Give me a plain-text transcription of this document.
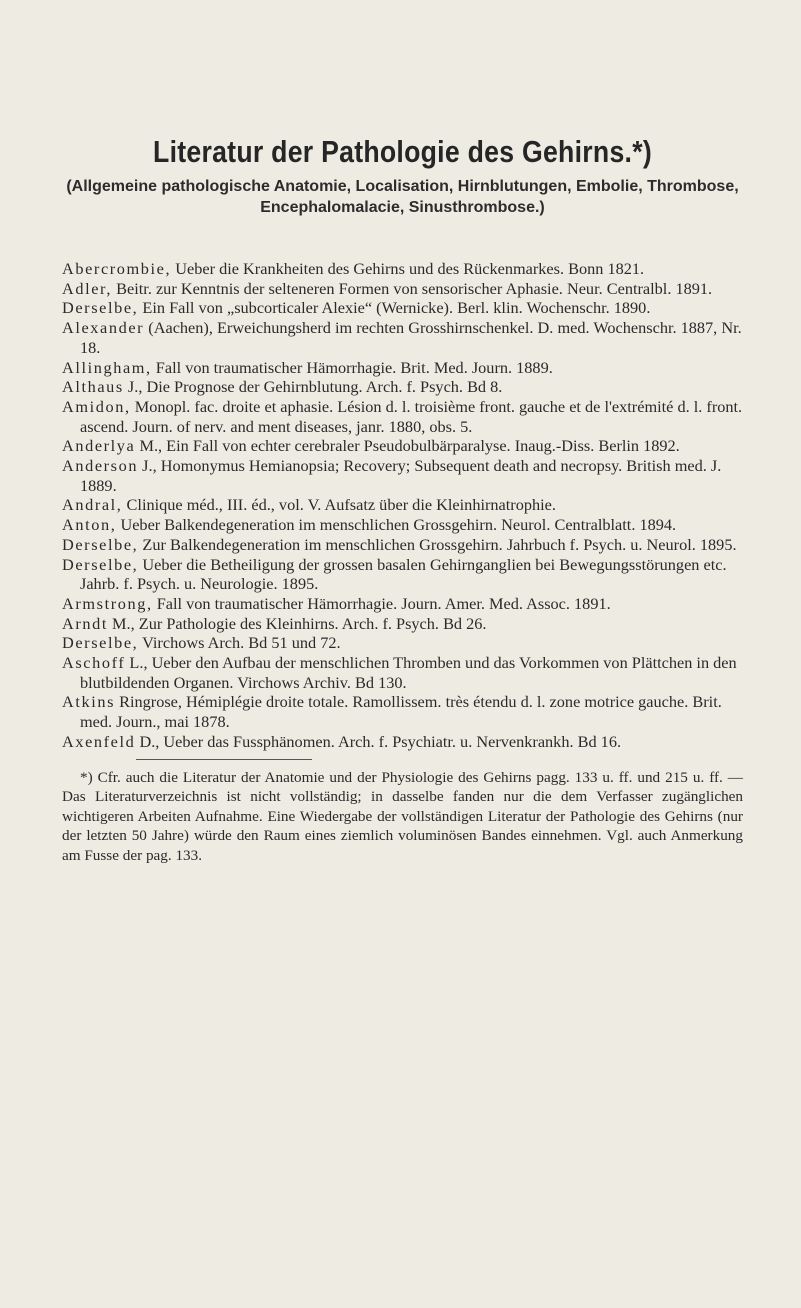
Literatur der Pathologie des Gehirns.*)

(Allgemeine pathologische Anatomie, Localisation, Hirnblutungen, Embolie, Thrombose, Encephalomalacie, Sinusthrombose.)

Abercrombie, Ueber die Krankheiten des Gehirns und des Rückenmarkes. Bonn 1821.

Adler, Beitr. zur Kenntnis der selteneren Formen von sensorischer Aphasie. Neur. Centralbl. 1891.

Derselbe, Ein Fall von „subcorticaler Alexie“ (Wernicke). Berl. klin. Wochenschr. 1890.

Alexander (Aachen), Erweichungsherd im rechten Grosshirnschenkel. D. med. Wochenschr. 1887, Nr. 18.

Allingham, Fall von traumatischer Hämorrhagie. Brit. Med. Journ. 1889.

Althaus J., Die Prognose der Gehirnblutung. Arch. f. Psych. Bd 8.

Amidon, Monopl. fac. droite et aphasie. Lésion d. l. troisième front. gauche et de l'extrémité d. l. front. ascend. Journ. of nerv. and ment diseases, janr. 1880, obs. 5.

Anderlya M., Ein Fall von echter cerebraler Pseudobulbärparalyse. Inaug.-Diss. Berlin 1892.

Anderson J., Homonymus Hemianopsia; Recovery; Subsequent death and necropsy. British med. J. 1889.

Andral, Clinique méd., III. éd., vol. V. Aufsatz über die Kleinhirnatrophie.

Anton, Ueber Balkendegeneration im menschlichen Grossgehirn. Neurol. Centralblatt. 1894.

Derselbe, Zur Balkendegeneration im menschlichen Grossgehirn. Jahrbuch f. Psych. u. Neurol. 1895.

Derselbe, Ueber die Betheiligung der grossen basalen Gehirnganglien bei Bewegungsstörungen etc. Jahrb. f. Psych. u. Neurologie. 1895.

Armstrong, Fall von traumatischer Hämorrhagie. Journ. Amer. Med. Assoc. 1891.

Arndt M., Zur Pathologie des Kleinhirns. Arch. f. Psych. Bd 26.

Derselbe, Virchows Arch. Bd 51 und 72.

Aschoff L., Ueber den Aufbau der menschlichen Thromben und das Vorkommen von Plättchen in den blutbildenden Organen. Virchows Archiv. Bd 130.

Atkins Ringrose, Hémiplégie droite totale. Ramollissem. très étendu d. l. zone motrice gauche. Brit. med. Journ., mai 1878.

Axenfeld D., Ueber das Fussphänomen. Arch. f. Psychiatr. u. Nervenkrankh. Bd 16.

*) Cfr. auch die Literatur der Anatomie und der Physiologie des Gehirns pagg. 133 u. ff. und 215 u. ff. — Das Literaturverzeichnis ist nicht vollständig; in dasselbe fanden nur die dem Verfasser zugänglichen wichtigeren Arbeiten Aufnahme. Eine Wiedergabe der vollständigen Literatur der Pathologie des Gehirns (nur der letzten 50 Jahre) würde den Raum eines ziemlich voluminösen Bandes einnehmen. Vgl. auch Anmerkung am Fusse der pag. 133.
